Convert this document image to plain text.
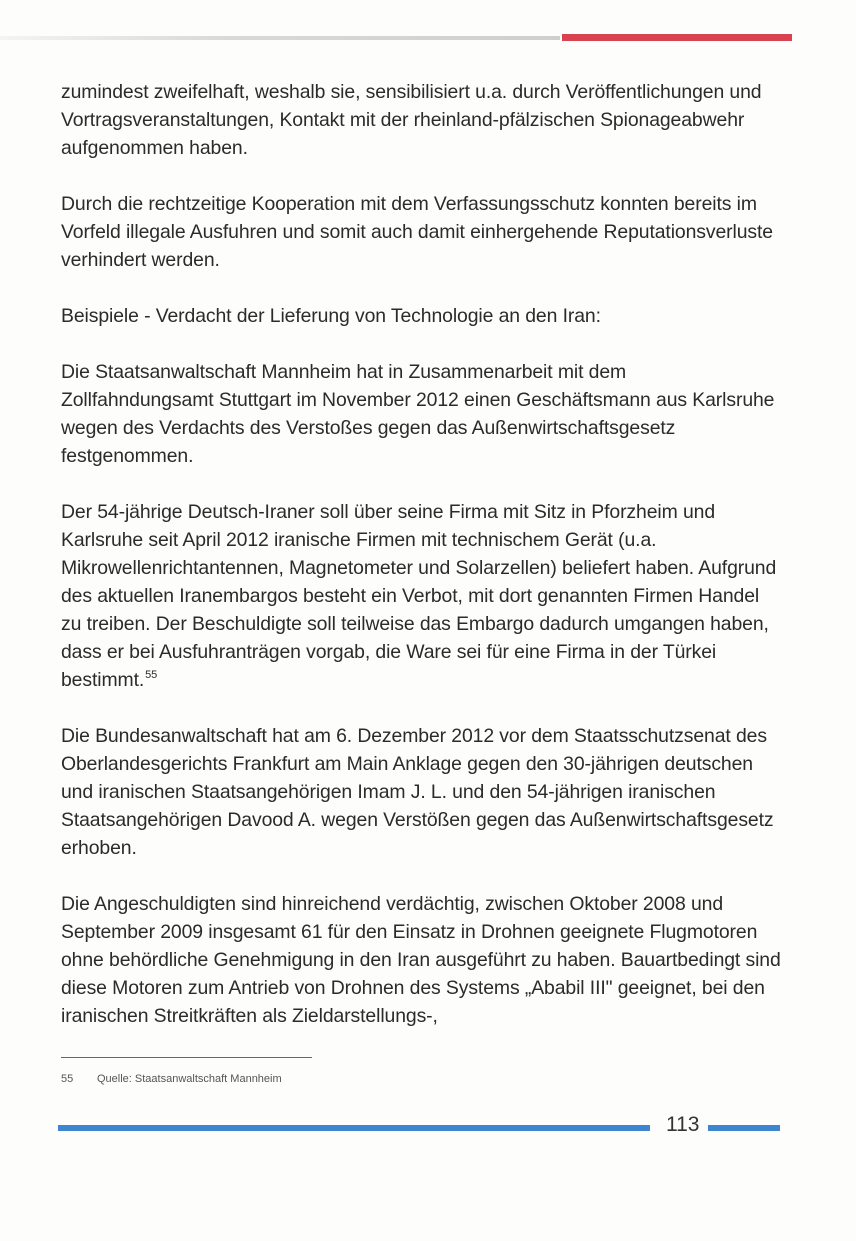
zumindest zweifelhaft, weshalb sie, sensibilisiert u.a. durch Veröffentlichungen und Vortragsveranstaltungen, Kontakt mit der rheinland-pfälzischen Spionageabwehr aufgenommen haben.

Durch die rechtzeitige Kooperation mit dem Verfassungsschutz konnten bereits im Vorfeld illegale Ausfuhren und somit auch damit einhergehende Reputationsverluste verhindert werden.

Beispiele - Verdacht der Lieferung von Technologie an den Iran:

Die Staatsanwaltschaft Mannheim hat in Zusammenarbeit mit dem Zollfahndungsamt Stuttgart im November 2012 einen Geschäftsmann aus Karlsruhe wegen des Verdachts des Verstoßes gegen das Außenwirtschaftsgesetz festgenommen.

Der 54-jährige Deutsch-Iraner soll über seine Firma mit Sitz in Pforzheim und Karlsruhe seit April 2012 iranische Firmen mit technischem Gerät (u.a. Mikrowellenrichtantennen, Magnetometer und Solarzellen) beliefert haben. Aufgrund des aktuellen Iranembargos besteht ein Verbot, mit dort genannten Firmen Handel zu treiben. Der Beschuldigte soll teilweise das Embargo dadurch umgangen haben, dass er bei Ausfuhranträgen vorgab, die Ware sei für eine Firma in der Türkei bestimmt.$^{55}$

Die Bundesanwaltschaft hat am 6. Dezember 2012 vor dem Staatsschutzsenat des Oberlandesgerichts Frankfurt am Main Anklage gegen den 30-jährigen deutschen und iranischen Staatsangehörigen Imam J. L. und den 54-jährigen iranischen Staatsangehörigen Davood A. wegen Verstößen gegen das Außenwirtschaftsgesetz erhoben.

Die Angeschuldigten sind hinreichend verdächtig, zwischen Oktober 2008 und September 2009 insgesamt 61 für den Einsatz in Drohnen geeignete Flugmotoren ohne behördliche Genehmigung in den Iran ausgeführt zu haben. Bauartbedingt sind diese Motoren zum Antrieb von Drohnen des Systems „Ababil III" geeignet, bei den iranischen Streitkräften als Zieldarstellungs-,

55 Quelle: Staatsanwaltschaft Mannheim
113
